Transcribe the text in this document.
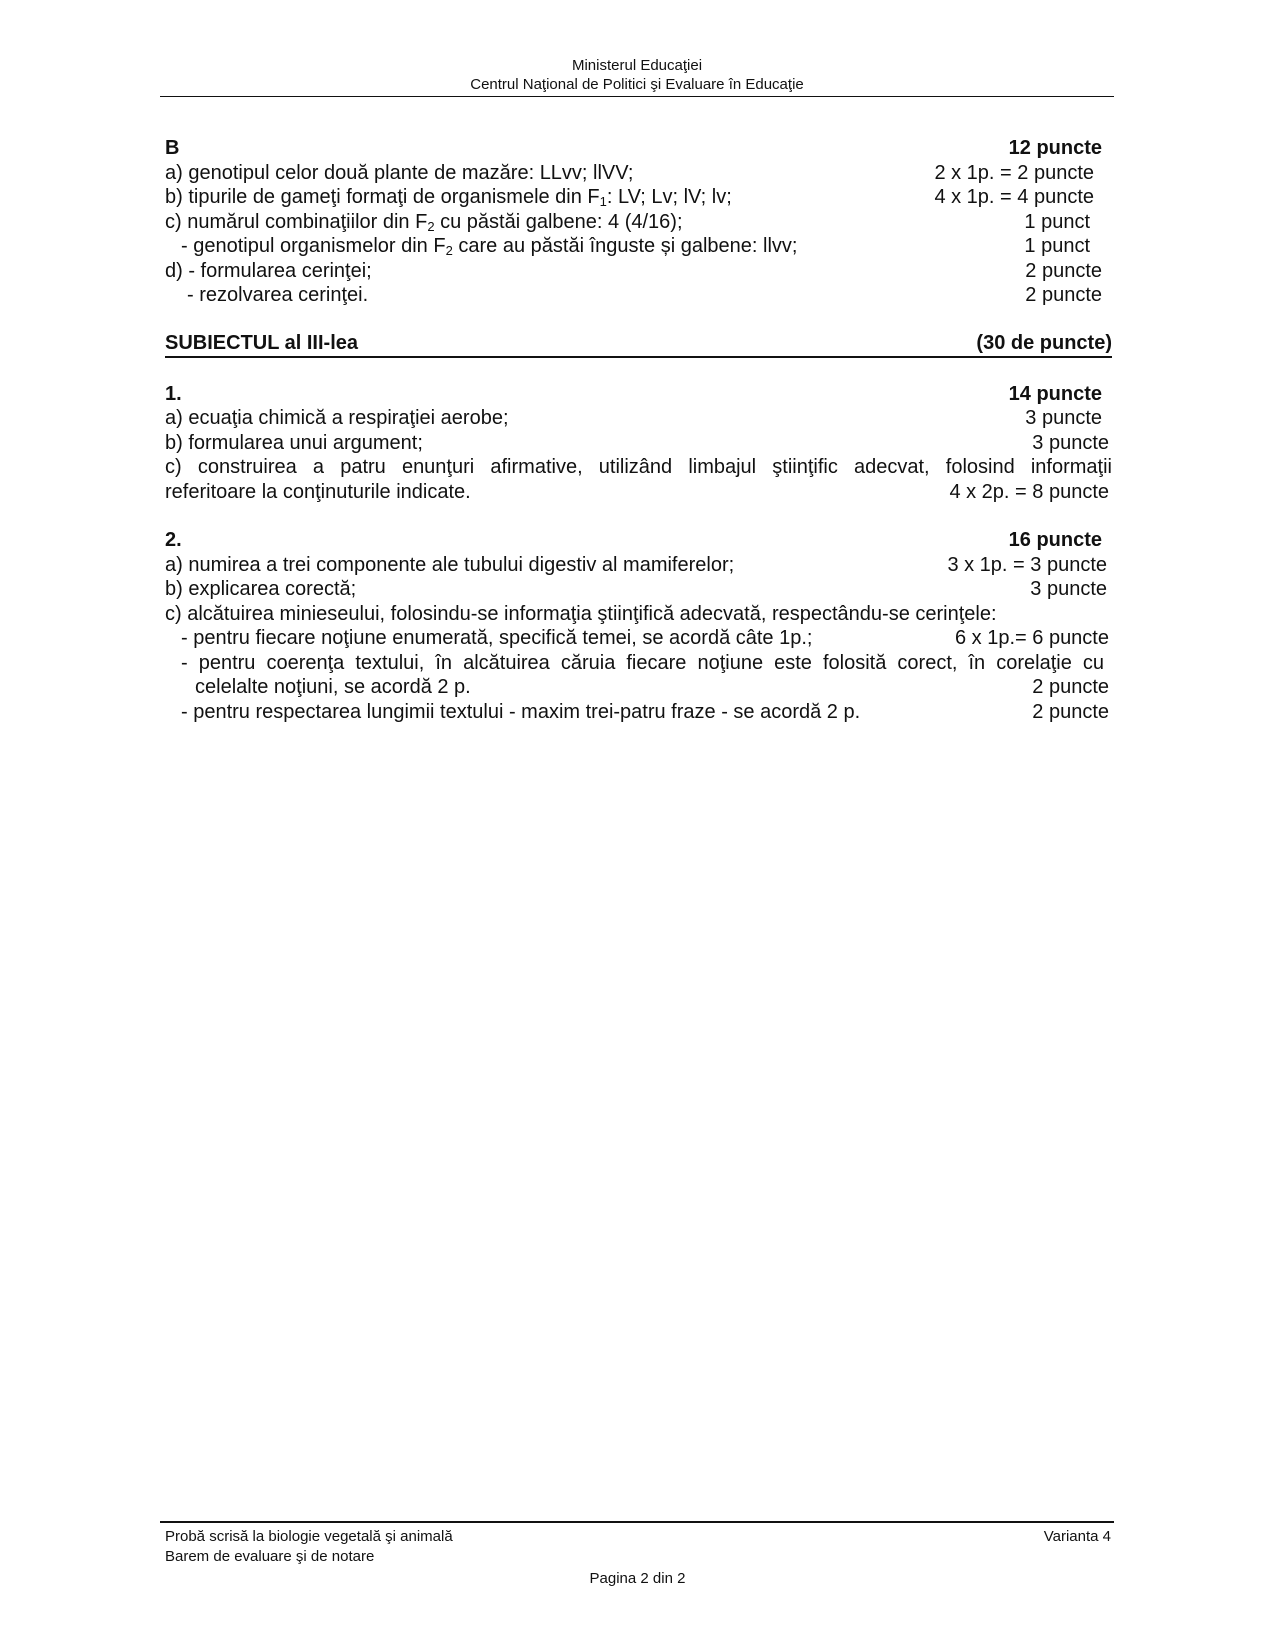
Ministerul Educaţiei
Centrul Naţional de Politici şi Evaluare în Educaţie
B	12 puncte
a) genotipul celor două plante de mazăre: LLvv; llVV;	2 x 1p. = 2 puncte
b) tipurile de gameţi formaţi de organismele din $F_1$: LV; Lv; lV; lv;	4 x 1p. = 4 puncte
c) numărul combinaţiilor din $F_2$ cu păstăi galbene: 4 (4/16);	1 punct
- genotipul organismelor din $F_2$ care au păstăi înguste și galbene: llvv;	1 punct
d) - formularea cerinţei;	2 puncte
- rezolvarea cerinţei.	2 puncte
SUBIECTUL al III-lea	(30 de puncte)
1.	14 puncte
a) ecuaţia chimică a respiraţiei aerobe;	3 puncte
b) formularea unui argument;	3 puncte
c) construirea a patru enunţuri afirmative, utilizând limbajul ştiinţific adecvat, folosind informaţii
referitoare la conţinuturile indicate.	4 x 2p. = 8 puncte
2.	16 puncte
a) numirea a trei componente ale tubului digestiv al mamiferelor;	3 x 1p. = 3 puncte
b) explicarea corectă;	3 puncte
c) alcătuirea minieseului, folosindu-se informaţia ştiinţifică adecvată, respectându-se cerinţele:
- pentru fiecare noţiune enumerată, specifică temei, se acordă câte 1p.;	6 x 1p.= 6 puncte
- pentru coerenţa textului, în alcătuirea căruia fiecare noţiune este folosită corect, în corelaţie cu
celelalte noţiuni, se acordă 2 p.	2 puncte
- pentru respectarea lungimii textului - maxim trei-patru fraze - se acordă 2 p.	2 puncte
Probă scrisă la biologie vegetală şi animală	Varianta 4
Barem de evaluare şi de notare
Pagina 2 din 2
